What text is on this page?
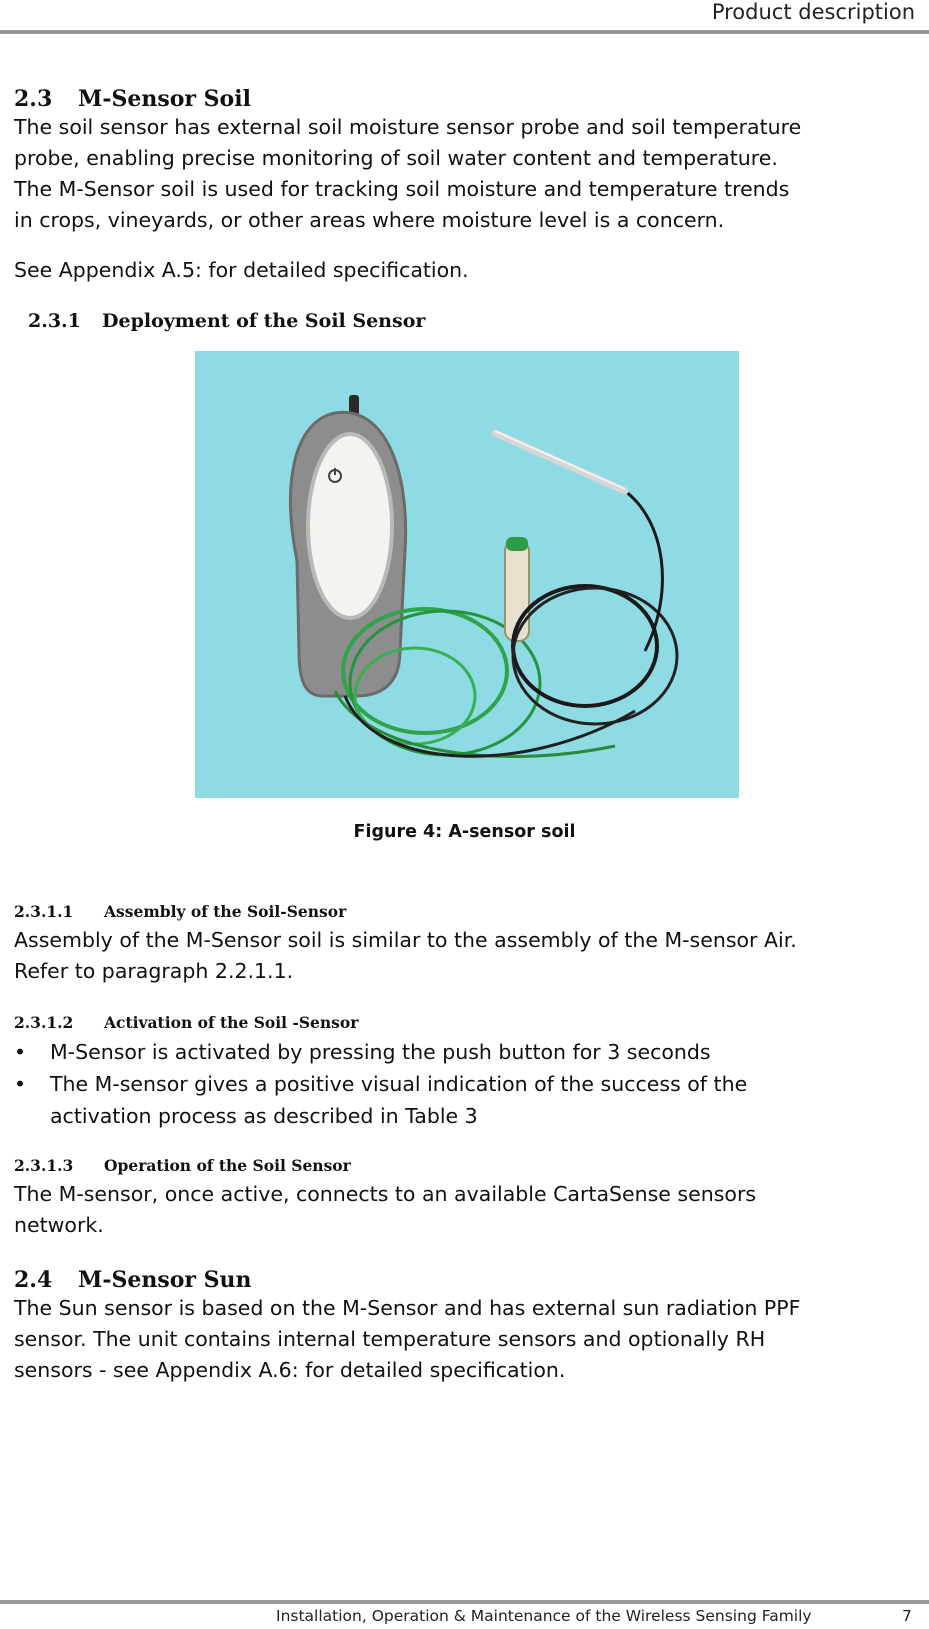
Product description
2.3 M-Sensor Soil

The soil sensor has external soil moisture sensor probe and soil temperature

probe, enabling precise monitoring of soil water content and temperature.

The M-Sensor soil is used for tracking soil moisture and temperature trends

in crops, vineyards, or other areas where moisture level is a concern.

See Appendix A.5: for detailed specification.

2.3.1 Deployment of the Soil Sensor
Figure 4: A-sensor soil
2.3.1.1 Assembly of the Soil-Sensor

Assembly of the M-Sensor soil is similar to the assembly of the M-sensor Air.

Refer to paragraph 2.2.1.1.

2.3.1.2 Activation of the Soil -Sensor
• M-Sensor is activated by pressing the push button for 3 seconds
• The M-sensor gives a positive visual indication of the success of the
activation process as described in Table 3
2.3.1.3 Operation of the Soil Sensor

The M-sensor, once active, connects to an available CartaSense sensors

network.

2.4 M-Sensor Sun

The Sun sensor is based on the M-Sensor and has external sun radiation PPF

sensor. The unit contains internal temperature sensors and optionally RH

sensors - see Appendix A.6: for detailed specification.

Installation, Operation & Maintenance of the Wireless Sensing Family	7
